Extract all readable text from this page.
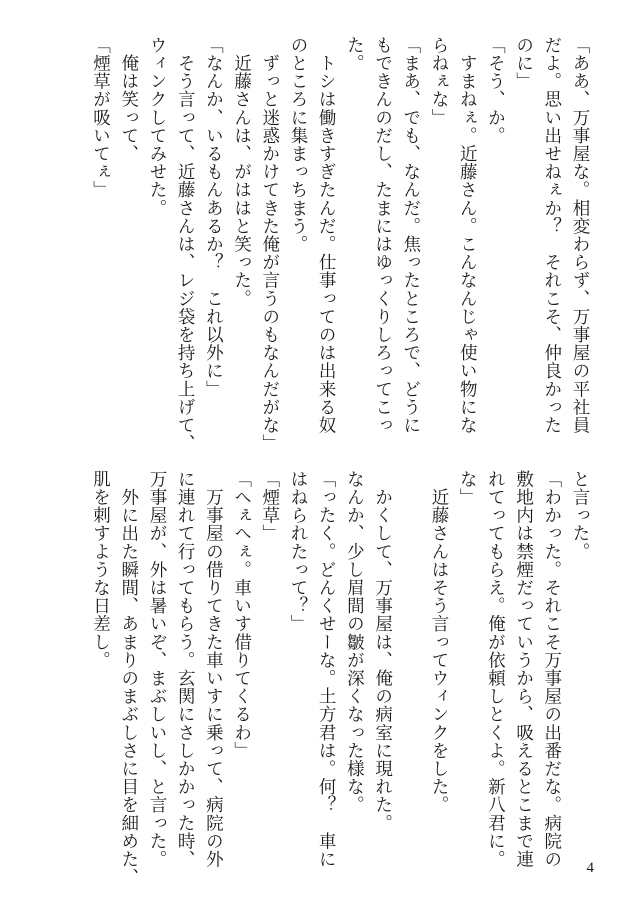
「ああ、万事屋な。相変わらず、万事屋の平社員
だよ。思い出せねぇか？　それこそ、仲良かった
のに」
「そう、か。
　すまねぇ。近藤さん。こんなんじゃ使い物にな
らねぇな」
「まあ、でも、なんだ。焦ったところで、どうに
もできんのだし、たまにはゆっくりしろってこっ
た。
　トシは働きすぎたんだ。仕事ってのは出来る奴
のところに集まっちまう。
　ずっと迷惑かけてきた俺が言うのもなんだがな」
　近藤さんは、がははと笑った。
「なんか、いるもんあるか？　これ以外に」
　そう言って、近藤さんは、レジ袋を持ち上げて、
ウィンクしてみせた。
　俺は笑って、
「煙草が吸いてぇ」
と言った。
「わかった。それこそ万事屋の出番だな。病院の
敷地内は禁煙だっていうから、吸えるとこまで連
れてってもらえ。俺が依頼しとくよ。新八君に。
な」
　近藤さんはそう言ってウィンクをした。

　かくして、万事屋は、俺の病室に現れた。
なんか、少し眉間の皺が深くなった様な。
「ったく。どんくせーな。土方君は。何？　車に
はねられたって？」
「煙草」
「へぇへぇ。車いす借りてくるわ」
　万事屋の借りてきた車いすに乗って、病院の外
に連れて行ってもらう。玄関にさしかかった時、
万事屋が、外は暑いぞ、まぶしいし、と言った。
　外に出た瞬間、あまりのまぶしさに目を細めた、
肌を刺すような日差し。
4
